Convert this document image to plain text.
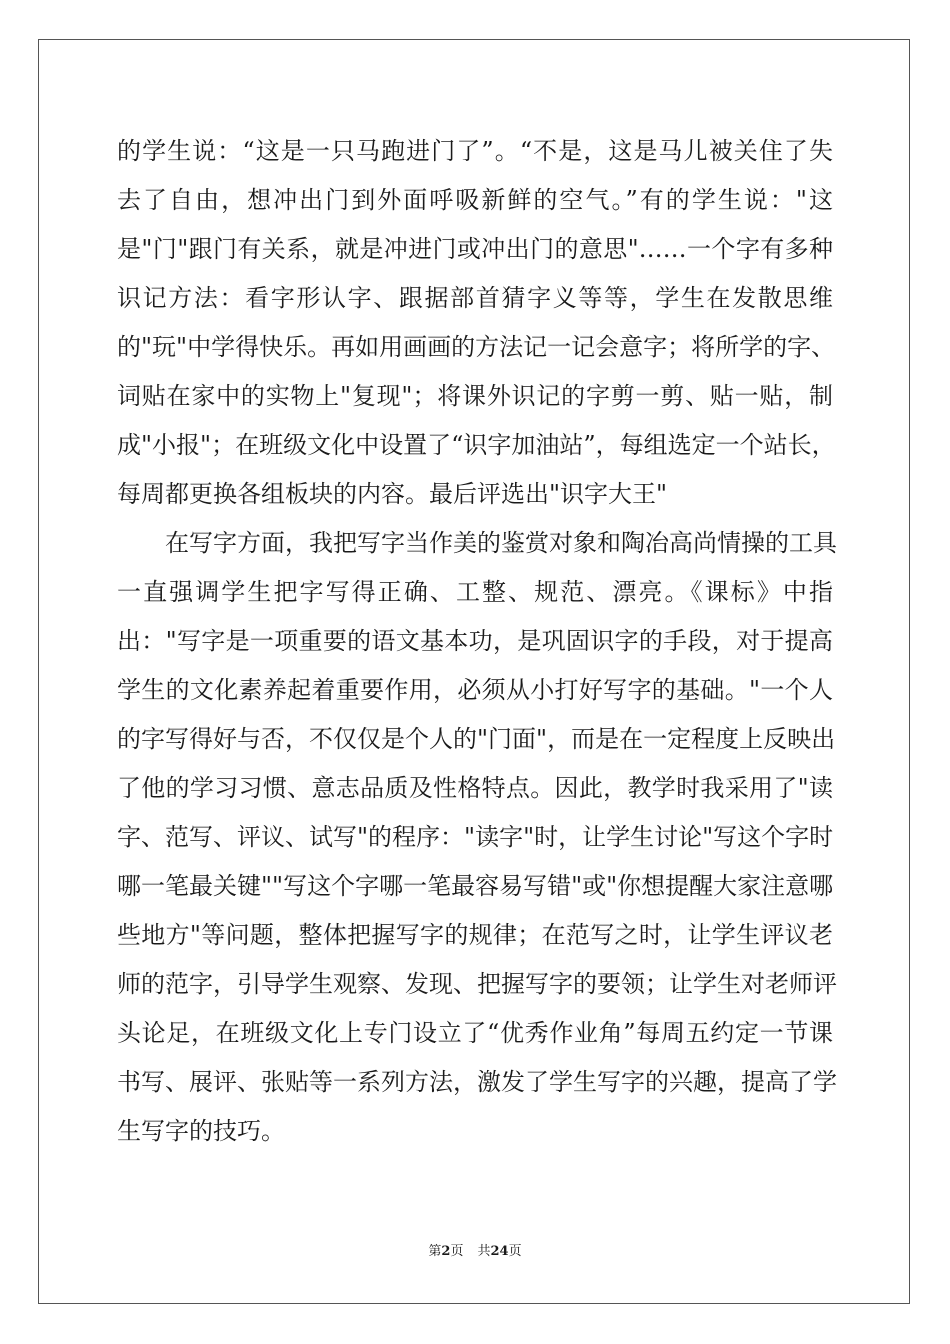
的学生说：“这是一只马跑进门了”。“不是，这是马儿被关住了失
去了自由，想冲出门到外面呼吸新鲜的空气。”有的学生说："这
是"门"跟门有关系，就是冲进门或冲出门的意思"……一个字有多种
识记方法：看字形认字、跟据部首猜字义等等，学生在发散思维
的"玩"中学得快乐。再如用画画的方法记一记会意字；将所学的字、
词贴在家中的实物上"复现"；将课外识记的字剪一剪、贴一贴，制
成"小报"；在班级文化中设置了“识字加油站”，每组选定一个站长，
每周都更换各组板块的内容。最后评选出"识字大王"
　　在写字方面，我把写字当作美的鉴赏对象和陶冶高尚情操的工具
一直强调学生把字写得正确、工整、规范、漂亮。《课标》中指
出："写字是一项重要的语文基本功，是巩固识字的手段，对于提高
学生的文化素养起着重要作用，必须从小打好写字的基础。"一个人
的字写得好与否，不仅仅是个人的"门面"，而是在一定程度上反映出
了他的学习习惯、意志品质及性格特点。因此，教学时我采用了"读
字、范写、评议、试写"的程序："读字"时，让学生讨论"写这个字时
哪一笔最关键""写这个字哪一笔最容易写错"或"你想提醒大家注意哪
些地方"等问题，整体把握写字的规律；在范写之时，让学生评议老
师的范字，引导学生观察、发现、把握写字的要领；让学生对老师评
头论足，在班级文化上专门设立了“优秀作业角”每周五约定一节课
书写、展评、张贴等一系列方法，激发了学生写字的兴趣，提高了学
生写字的技巧。
第2页 共24页
